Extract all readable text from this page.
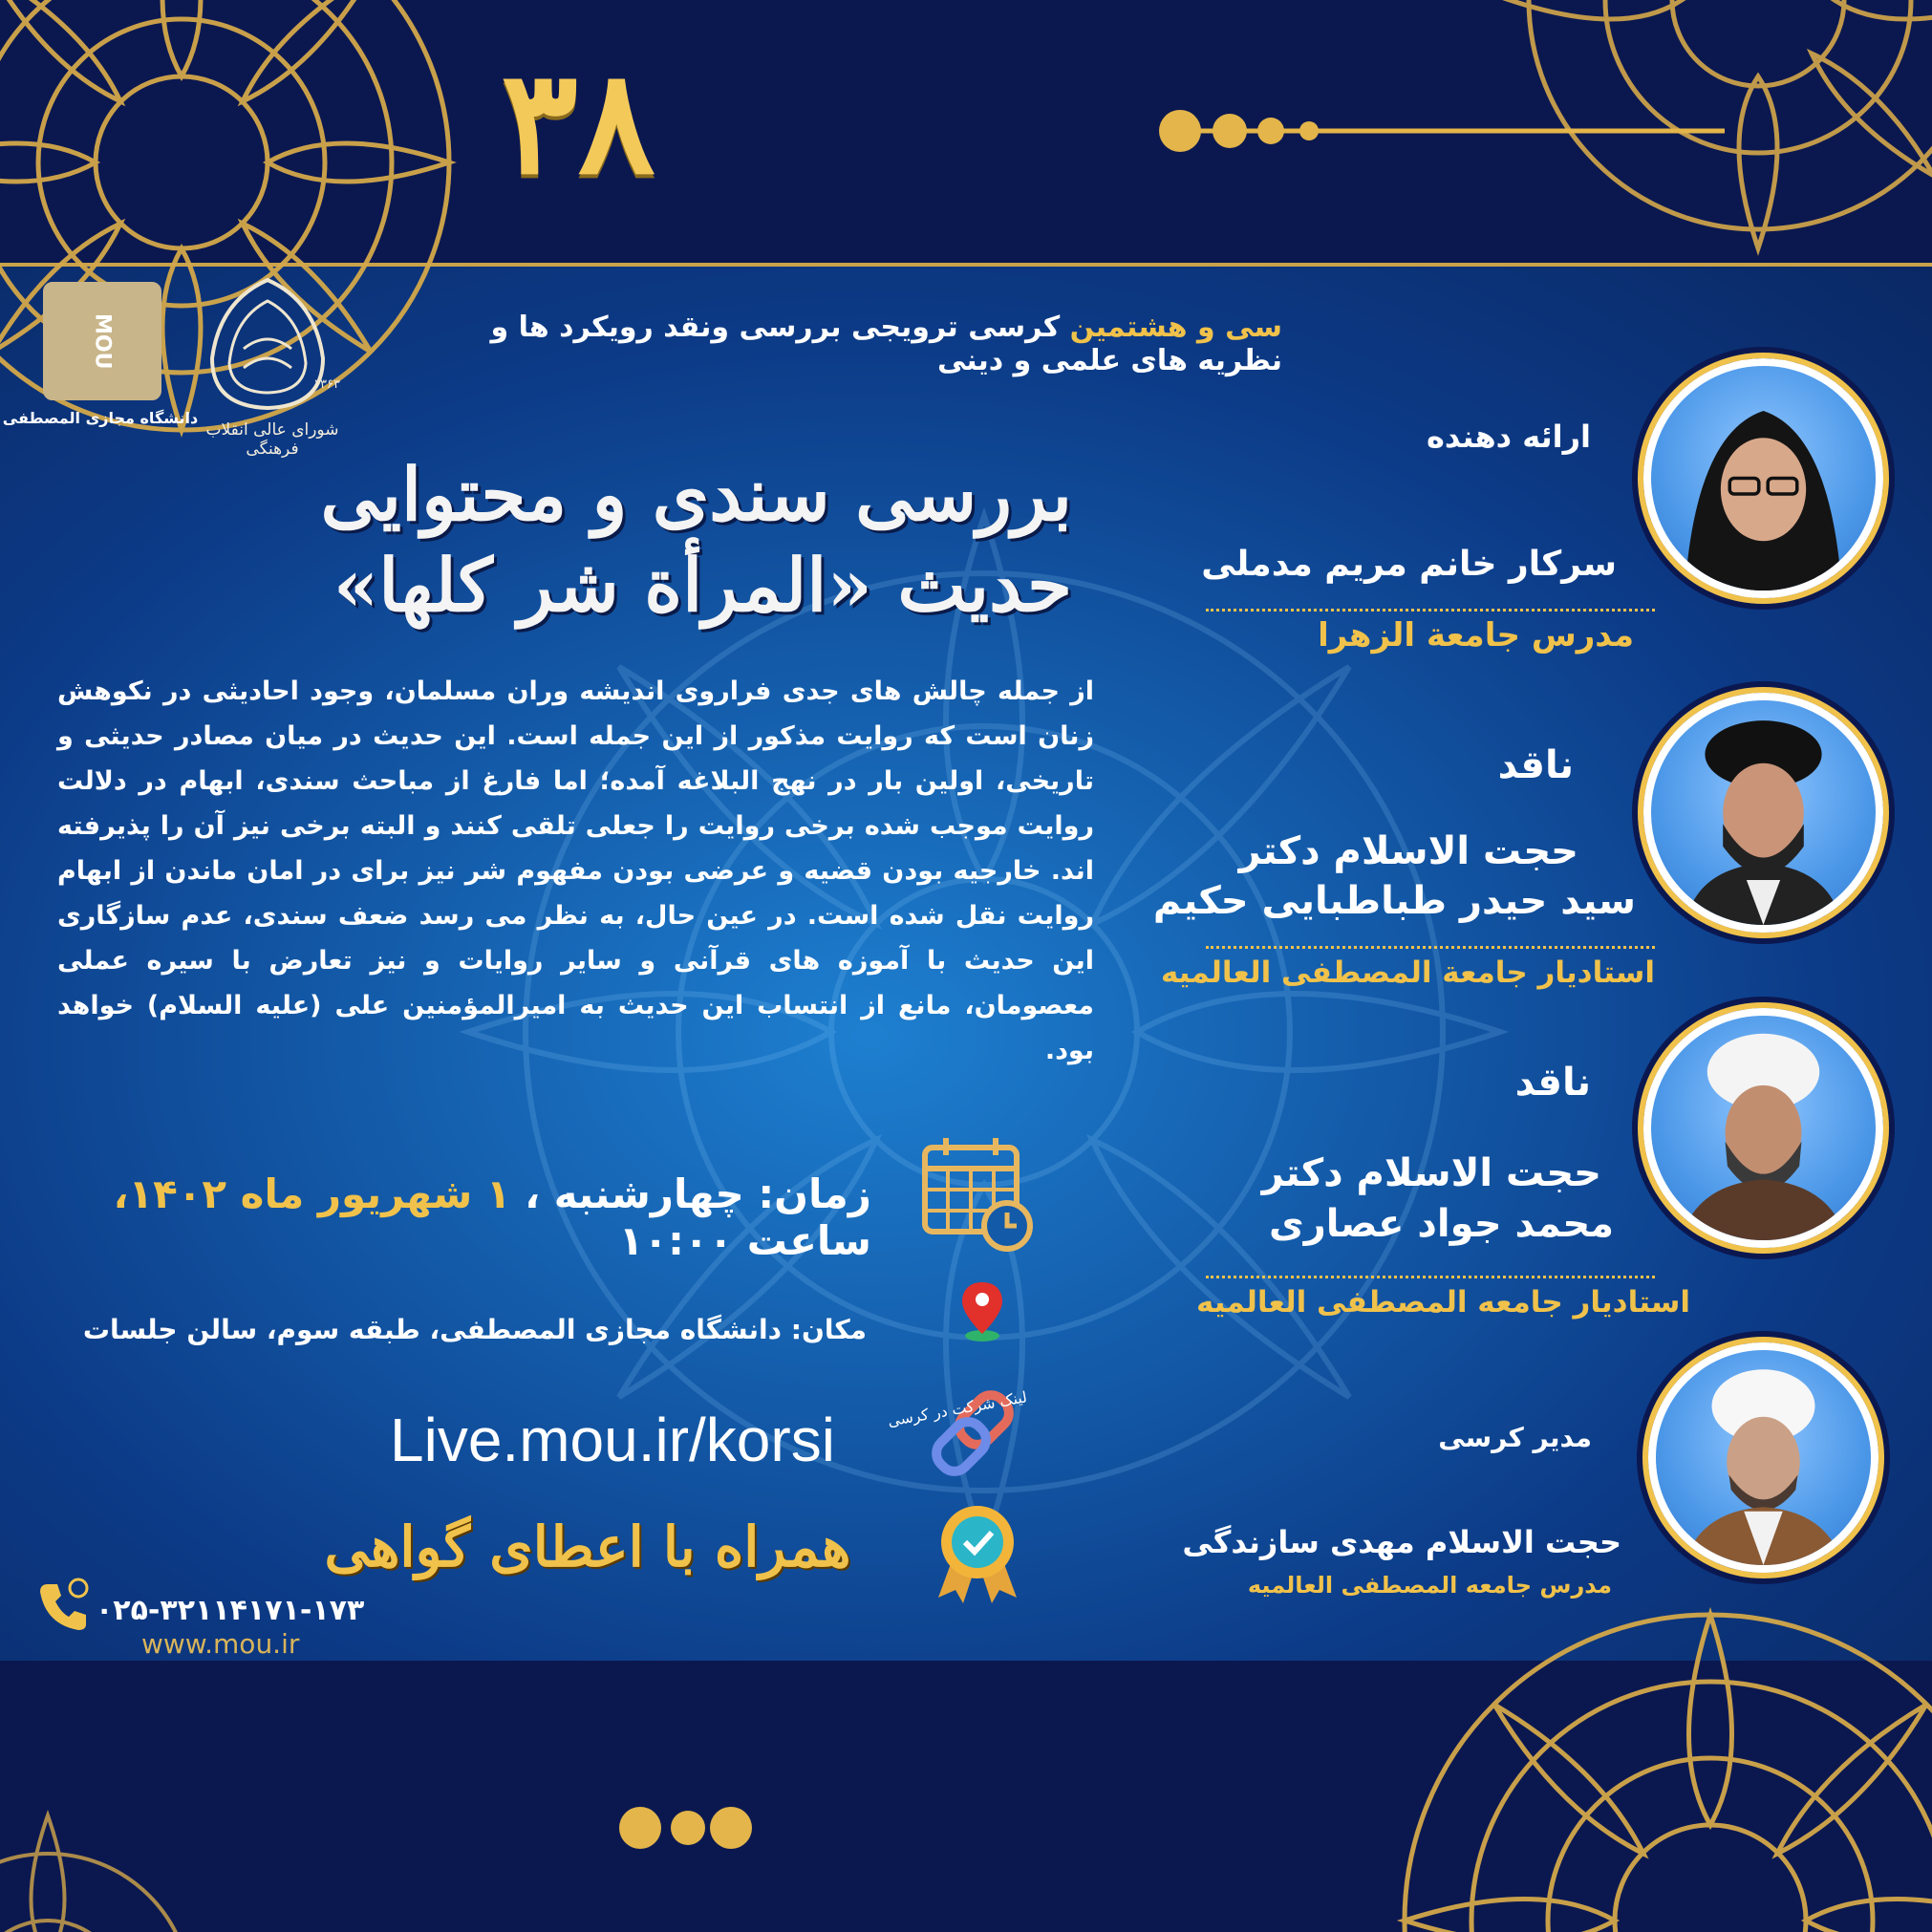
۳۸
MOU
دانشگاه مجازی المصطفی
۱۳۶۳
شورای عالی انقلاب فرهنگی
سی و هشتمین کرسی ترویجی بررسی ونقد رویکرد ها و نظریه های علمی و دینی
بررسی سندی و محتوایی
حدیث «المرأة شر کلها»
از جمله چالش های جدی فراروی اندیشه وران مسلمان، وجود احادیثی در نکوهش زنان است که روایت مذکور از این جمله است. این حدیث در میان مصادر حدیثی و تاریخی، اولین بار در نهج البلاغه آمده؛ اما فارغ از مباحث سندی، ابهام در دلالت روایت موجب شده برخی روایت را جعلی تلقی کنند و البته برخی نیز آن را پذیرفته اند. خارجیه بودن قضیه و عرضی بودن مفهوم شر نیز برای در امان ماندن از ابهام روایت نقل شده است. در عین حال، به نظر می رسد ضعف سندی، عدم سازگاری این حدیث با آموزه های قرآنی و سایر روایات و نیز تعارض با سیره عملی معصومان، مانع از انتساب این حدیث به امیرالمؤمنین علی (علیه السلام) خواهد بود.
زمان: چهارشنبه ، ۱ شهریور ماه ۱۴۰۲، ساعت ۱۰:۰۰
مکان: دانشگاه مجازی المصطفی، طبقه سوم، سالن جلسات
لینک شرکت در کرسی
Live.mou.ir/korsi
همراه با اعطای گواهی
۰۲۵-۳۲۱۱۴۱۷۱-۱۷۳
www.mou.ir
ارائه دهنده
سرکار خانم مریم مدملی
مدرس جامعة الزهرا
ناقد
حجت الاسلام دکتر
سید حیدر طباطبایی حکیم
استادیار جامعة المصطفی العالمیه
ناقد
حجت الاسلام دکتر
محمد جواد عصاری
استادیار جامعه المصطفی العالمیه
مدیر کرسی
حجت الاسلام مهدی سازندگی
مدرس جامعه المصطفی العالمیه
